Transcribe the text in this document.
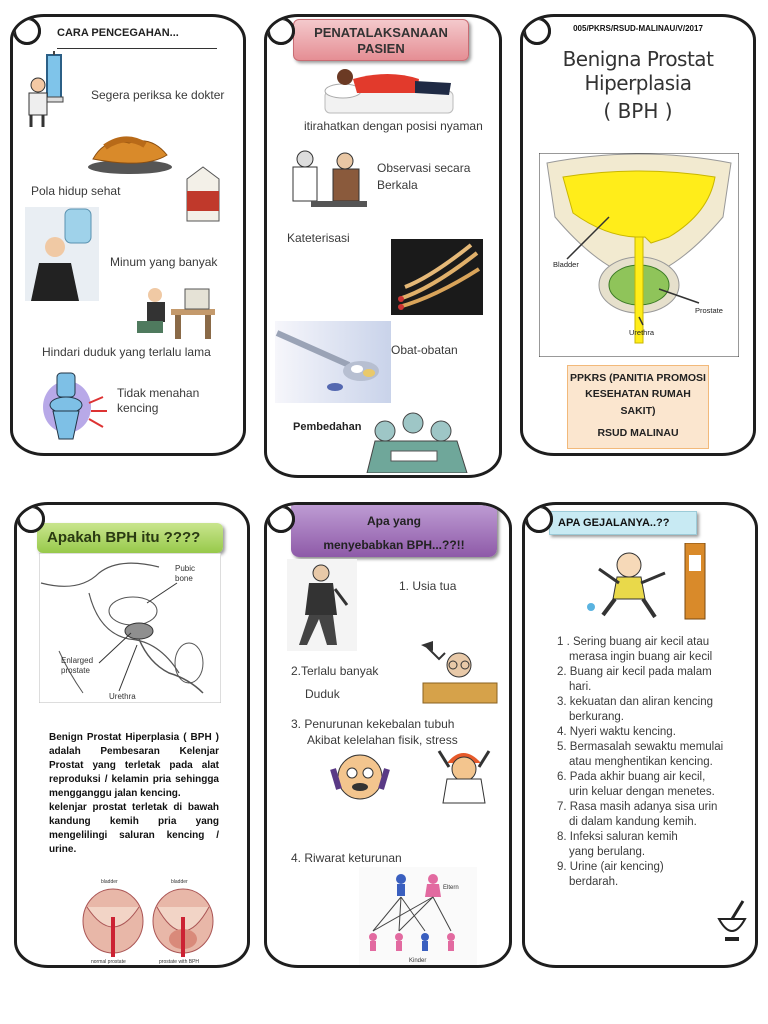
CARA PENCEGAHAN...
Segera periksa ke dokter
Pola hidup sehat
Minum yang banyak
Hindari duduk yang terlalu lama
Tidak menahan kencing
PENATALAKSANAAN PASIEN
itirahatkan dengan posisi nyaman
Observasi secara Berkala
Kateterisasi
Obat-obatan
Pembedahan
005/PKRS/RSUD-MALINAU/V/2017
Benigna Prostat Hiperplasia
( BPH )
Bladder
Prostate
Urethra
PPKRS (PANITIA PROMOSI
KESEHATAN RUMAH
SAKIT)
RSUD MALINAU
Apakah BPH itu ????
Pubic
bone
Enlarged
prostate
Urethra
Benign Prostat Hiperplasia ( BPH ) adalah Pembesaran Kelenjar Prostat yang terletak pada alat reproduksi / kelamin pria sehingga mengganggu jalan kencing.
kelenjar prostat terletak di bawah kandung kemih pria yang mengelilingi saluran kencing / urine.
bladder	bladder
normal prostate	prostate with BPH
Apa yang
menyebabkan BPH...??!!
1. Usia tua
2.Terlalu banyak
Duduk
3. Penurunan kekebalan tubuh
Akibat kelelahan fisik, stress
4. Riwarat keturunan
Eltern
Kinder
APA GEJALANYA..??
1 . Sering buang air kecil atau
merasa ingin buang air kecil
2. Buang air kecil pada malam
hari.
3. kekuatan dan aliran kencing
berkurang.
4. Nyeri waktu kencing.
5. Bermasalah sewaktu memulai
atau menghentikan kencing.
6. Pada akhir buang air kecil,
urin keluar dengan menetes.
7. Rasa masih adanya sisa urin
di dalam kandung kemih.
8. Infeksi saluran kemih
yang berulang.
9. Urine (air kencing)
berdarah.
